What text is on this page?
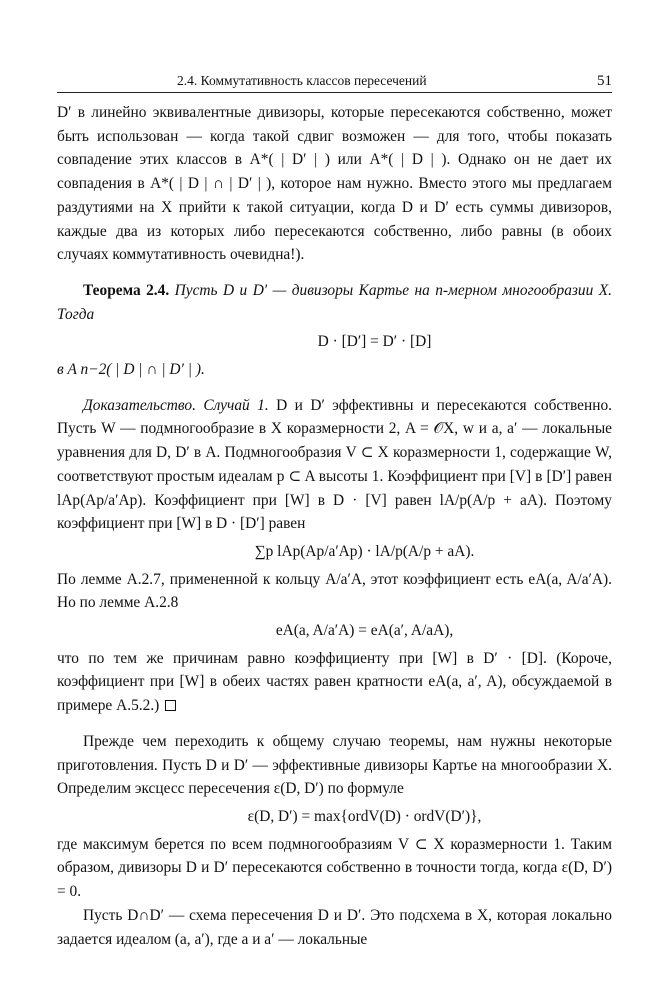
2.4. Коммутативность классов пересечений	51

D′ в линейно эквивалентные дивизоры, которые пересекаются собственно, может быть использован — когда такой сдвиг возможен — для того, чтобы показать совпадение этих классов в A*( | D′ | ) или A*( | D | ). Однако он не дает их совпадения в A*( | D | ∩ | D′ | ), которое нам нужно. Вместо этого мы предлагаем раздутиями на X прийти к такой ситуации, когда D и D′ есть суммы дивизоров, каждые два из которых либо пересекаются собственно, либо равны (в обоих случаях коммутативность очевидна!).

Теорема 2.4. Пусть D и D′ — дивизоры Картье на n-мерном многообразии X. Тогда

D · [D′] = D′ · [D]

в A n−2( | D | ∩ | D′ | ).

Доказательство. Случай 1. D и D′ эффективны и пересекаются собственно. Пусть W — подмногообразие в X коразмерности 2, A = 𝒪X, w и a, a′ — локальные уравнения для D, D′ в A. Подмногообразия V ⊂ X коразмерности 1, содержащие W, соответствуют простым идеалам p ⊂ A высоты 1. Коэффициент при [V] в [D′] равен lAp(Ap/a′Ap). Коэффициент при [W] в D · [V] равен lA/p(A/p + aA). Поэтому коэффициент при [W] в D · [D′] равен

∑p lAp(Ap/a′Ap) · lA/p(A/p + aA).

По лемме A.2.7, примененной к кольцу A/a′A, этот коэффициент есть eA(a, A/a′A). Но по лемме A.2.8

eA(a, A/a′A) = eA(a′, A/aA),

что по тем же причинам равно коэффициенту при [W] в D′ · [D]. (Короче, коэффициент при [W] в обеих частях равен кратности eA(a, a′, A), обсуждаемой в примере A.5.2.)

Прежде чем переходить к общему случаю теоремы, нам нужны некоторые приготовления. Пусть D и D′ — эффективные дивизоры Картье на многообразии X. Определим эксцесс пересечения ε(D, D′) по формуле

ε(D, D′) = max{ordV(D) · ordV(D′)},

где максимум берется по всем подмногообразиям V ⊂ X коразмерности 1. Таким образом, дивизоры D и D′ пересекаются собственно в точности тогда, когда ε(D, D′) = 0.

Пусть D∩D′ — схема пересечения D и D′. Это подсхема в X, которая локально задается идеалом (a, a′), где a и a′ — локальные
